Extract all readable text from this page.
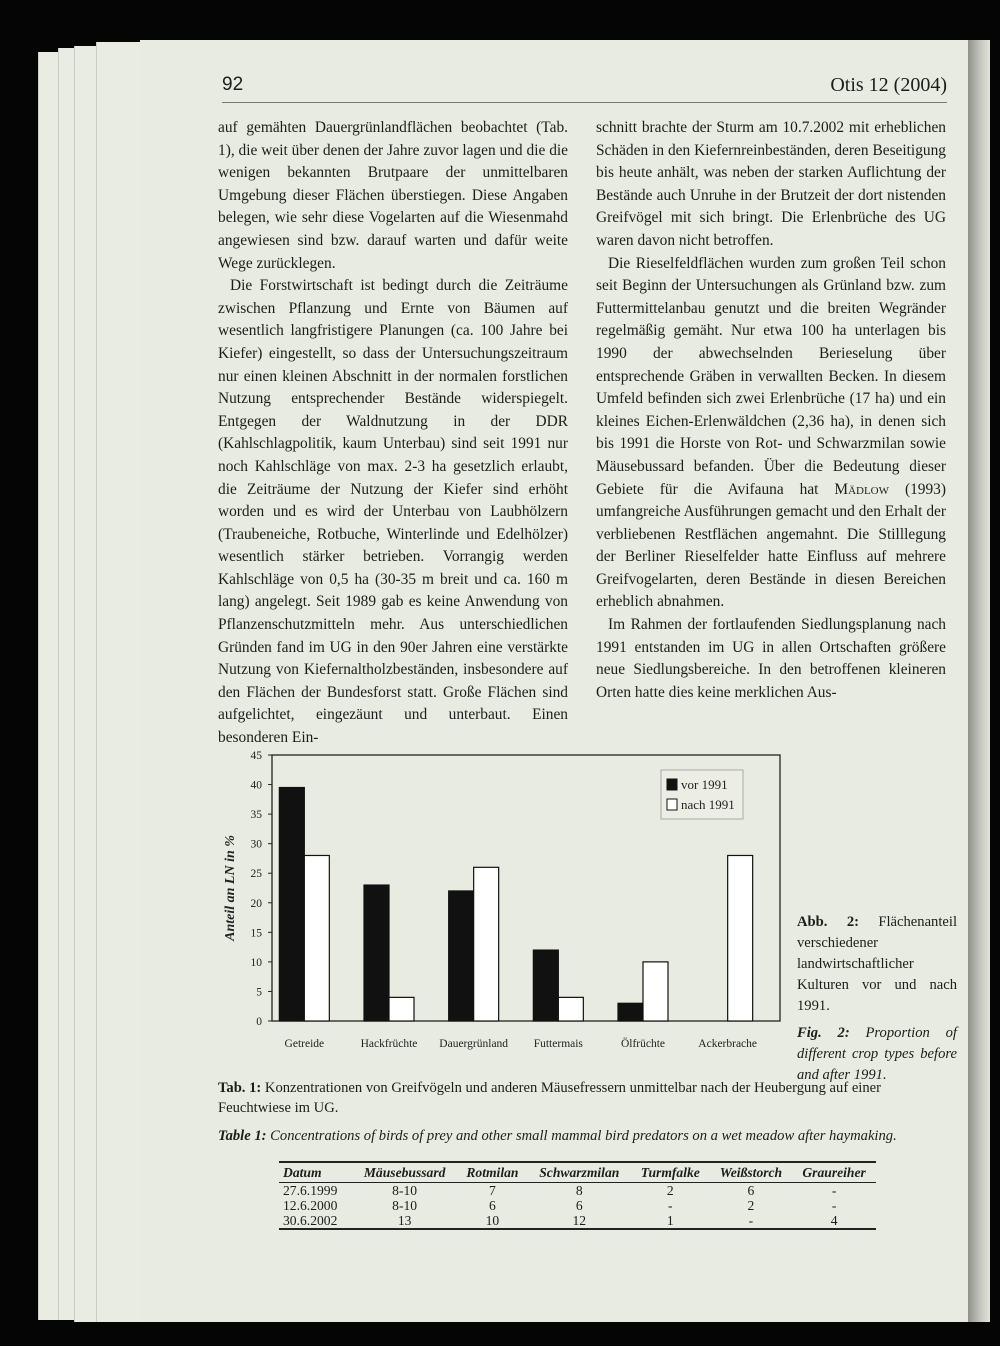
92	Otis 12 (2004)

auf gemähten Dauergrünlandflächen beobachtet (Tab. 1), die weit über denen der Jahre zuvor lagen und die die wenigen bekannten Brutpaare der unmittelbaren Umgebung dieser Flächen überstiegen. Diese Angaben belegen, wie sehr diese Vogelarten auf die Wiesenmahd angewiesen sind bzw. darauf warten und dafür weite Wege zurücklegen.

Die Forstwirtschaft ist bedingt durch die Zeiträume zwischen Pflanzung und Ernte von Bäumen auf wesentlich langfristigere Planungen (ca. 100 Jahre bei Kiefer) eingestellt, so dass der Untersuchungszeitraum nur einen kleinen Abschnitt in der normalen forstlichen Nutzung entsprechender Bestände widerspiegelt. Entgegen der Waldnutzung in der DDR (Kahlschlagpolitik, kaum Unterbau) sind seit 1991 nur noch Kahlschläge von max. 2-3 ha gesetzlich erlaubt, die Zeiträume der Nutzung der Kiefer sind erhöht worden und es wird der Unterbau von Laubhölzern (Traubeneiche, Rotbuche, Winterlinde und Edelhölzer) wesentlich stärker betrieben. Vorrangig werden Kahlschläge von 0,5 ha (30-35 m breit und ca. 160 m lang) angelegt. Seit 1989 gab es keine Anwendung von Pflanzenschutzmitteln mehr. Aus unterschiedlichen Gründen fand im UG in den 90er Jahren eine verstärkte Nutzung von Kiefernaltholzbeständen, insbesondere auf den Flächen der Bundesforst statt. Große Flächen sind aufgelichtet, eingezäunt und unterbaut. Einen besonderen Ein-

schnitt brachte der Sturm am 10.7.2002 mit erheblichen Schäden in den Kiefernreinbeständen, deren Beseitigung bis heute anhält, was neben der starken Auflichtung der Bestände auch Unruhe in der Brutzeit der dort nistenden Greifvögel mit sich bringt. Die Erlenbrüche des UG waren davon nicht betroffen.

Die Rieselfeldflächen wurden zum großen Teil schon seit Beginn der Untersuchungen als Grünland bzw. zum Futtermittelanbau genutzt und die breiten Wegränder regelmäßig gemäht. Nur etwa 100 ha unterlagen bis 1990 der abwechselnden Berieselung über entsprechende Gräben in verwallten Becken. In diesem Umfeld befinden sich zwei Erlenbrüche (17 ha) und ein kleines Eichen-Erlenwäldchen (2,36 ha), in denen sich bis 1991 die Horste von Rot- und Schwarzmilan sowie Mäusebussard befanden. Über die Bedeutung dieser Gebiete für die Avifauna hat Mädlow (1993) umfangreiche Ausführungen gemacht und den Erhalt der verbliebenen Restflächen angemahnt. Die Stilllegung der Berliner Rieselfelder hatte Einfluss auf mehrere Greifvogelarten, deren Bestände in diesen Bereichen erheblich abnahmen.

Im Rahmen der fortlaufenden Siedlungsplanung nach 1991 entstanden im UG in allen Ortschaften größere neue Siedlungsbereiche. In den betroffenen kleineren Orten hatte dies keine merklichen Aus-

0
5
10
15
20
25
30
35
40
45
Anteil an LN in %
Getreide	Hackfrüchte Dauergrünland Futtermais	Ölfrüchte	Ackerbrache
vor 1991
nach 1991

Abb. 2: Flächenanteil verschiedener landwirtschaftlicher Kulturen vor und nach 1991.

Fig. 2: Proportion of different crop types before and after 1991.

Tab. 1: Konzentrationen von Greifvögeln und anderen Mäusefressern unmittelbar nach der Heubergung auf einer Feuchtwiese im UG.

Table 1: Concentrations of birds of prey and other small mammal bird predators on a wet meadow after haymaking.
Datum	Mäusebussard	Rotmilan	Schwarzmilan	Turmfalke	Weißstorch	Graureiher
27.6.1999	8-10	7	8	2	6	-
12.6.2000	8-10	6	6	-	2	-
30.6.2002	13	10	12	1	-	4
